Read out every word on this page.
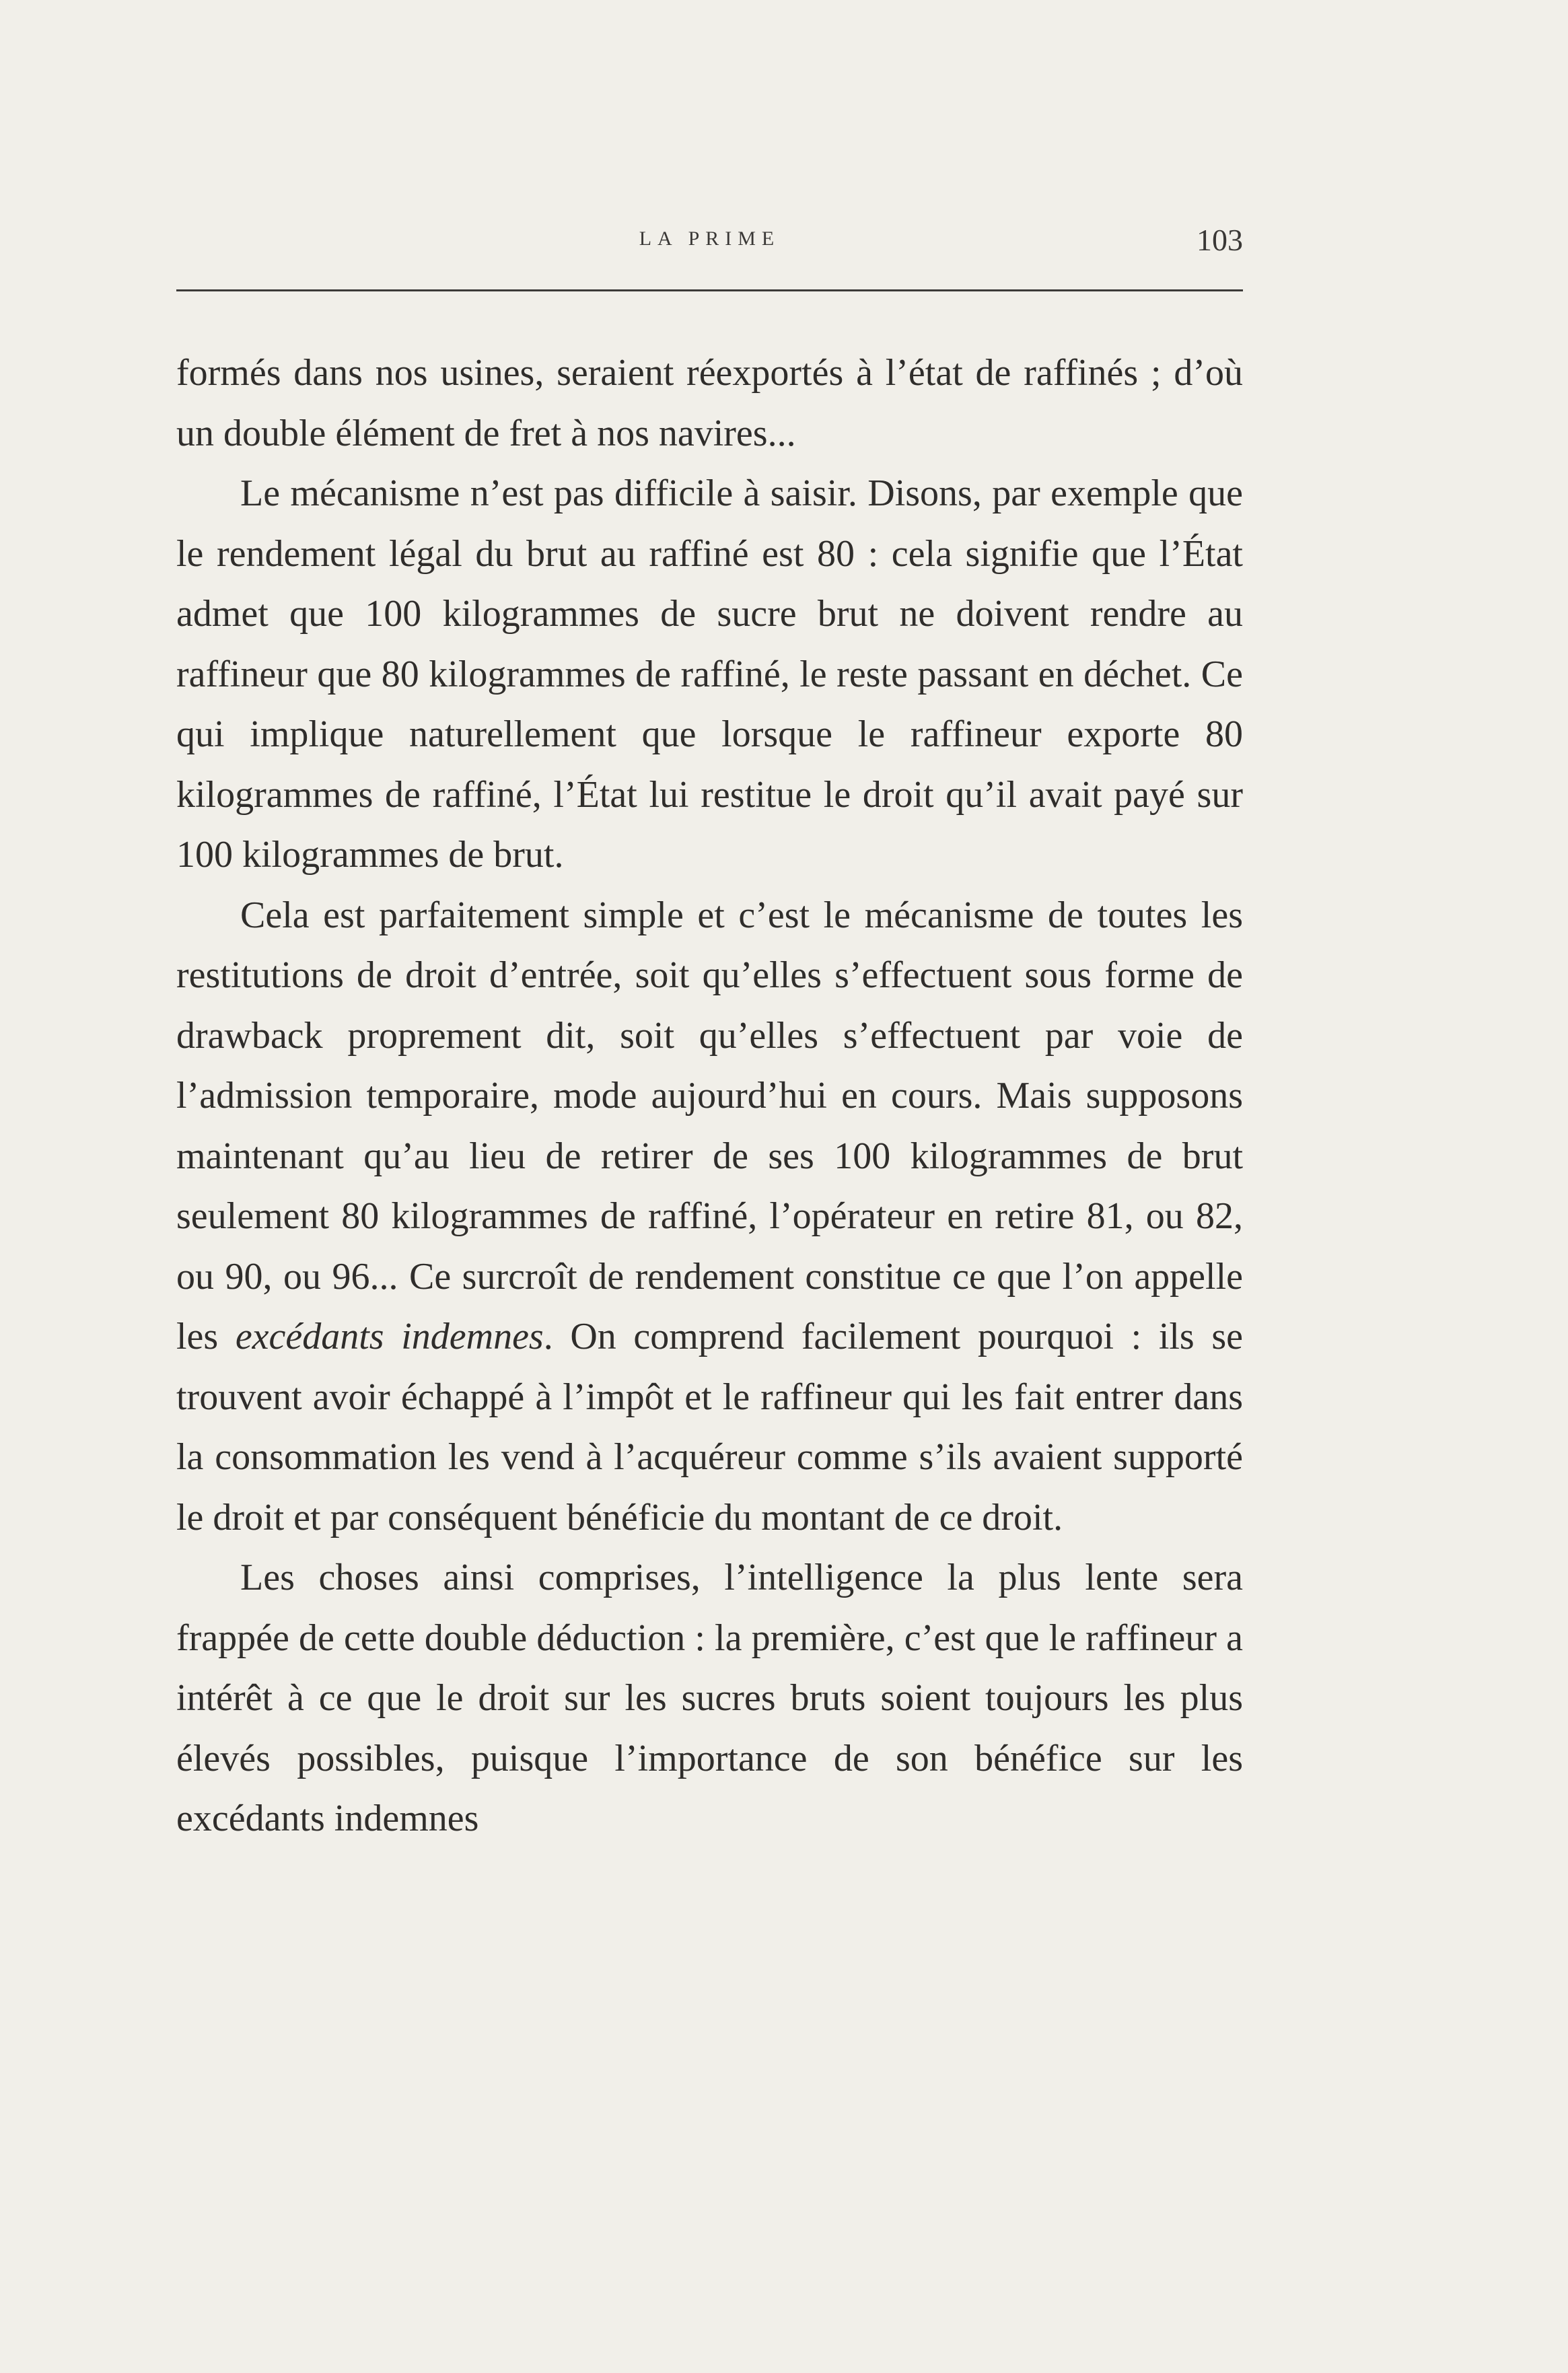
LA PRIME	103

formés dans nos usines, seraient réexportés à l’état de raffinés ; d’où un double élément de fret à nos navires...

Le mécanisme n’est pas difficile à saisir. Disons, par exemple que le rendement légal du brut au raffiné est 80 : cela signifie que l’État admet que 100 kilogrammes de sucre brut ne doivent rendre au raffineur que 80 kilogrammes de raffiné, le reste passant en déchet. Ce qui implique naturellement que lorsque le raffineur exporte 80 kilogrammes de raffiné, l’État lui restitue le droit qu’il avait payé sur 100 kilogrammes de brut.

Cela est parfaitement simple et c’est le mécanisme de toutes les restitutions de droit d’entrée, soit qu’elles s’effectuent sous forme de drawback proprement dit, soit qu’elles s’effectuent par voie de l’admission temporaire, mode aujourd’hui en cours. Mais supposons maintenant qu’au lieu de retirer de ses 100 kilogrammes de brut seulement 80 kilogrammes de raffiné, l’opérateur en retire 81, ou 82, ou 90, ou 96... Ce surcroît de rendement constitue ce que l’on appelle les excédants indemnes. On comprend facilement pourquoi : ils se trouvent avoir échappé à l’impôt et le raffineur qui les fait entrer dans la consommation les vend à l’acquéreur comme s’ils avaient supporté le droit et par conséquent bénéficie du montant de ce droit.

Les choses ainsi comprises, l’intelligence la plus lente sera frappée de cette double déduction : la première, c’est que le raffineur a intérêt à ce que le droit sur les sucres bruts soient toujours les plus élevés possibles, puisque l’importance de son bénéfice sur les excédants indemnes
